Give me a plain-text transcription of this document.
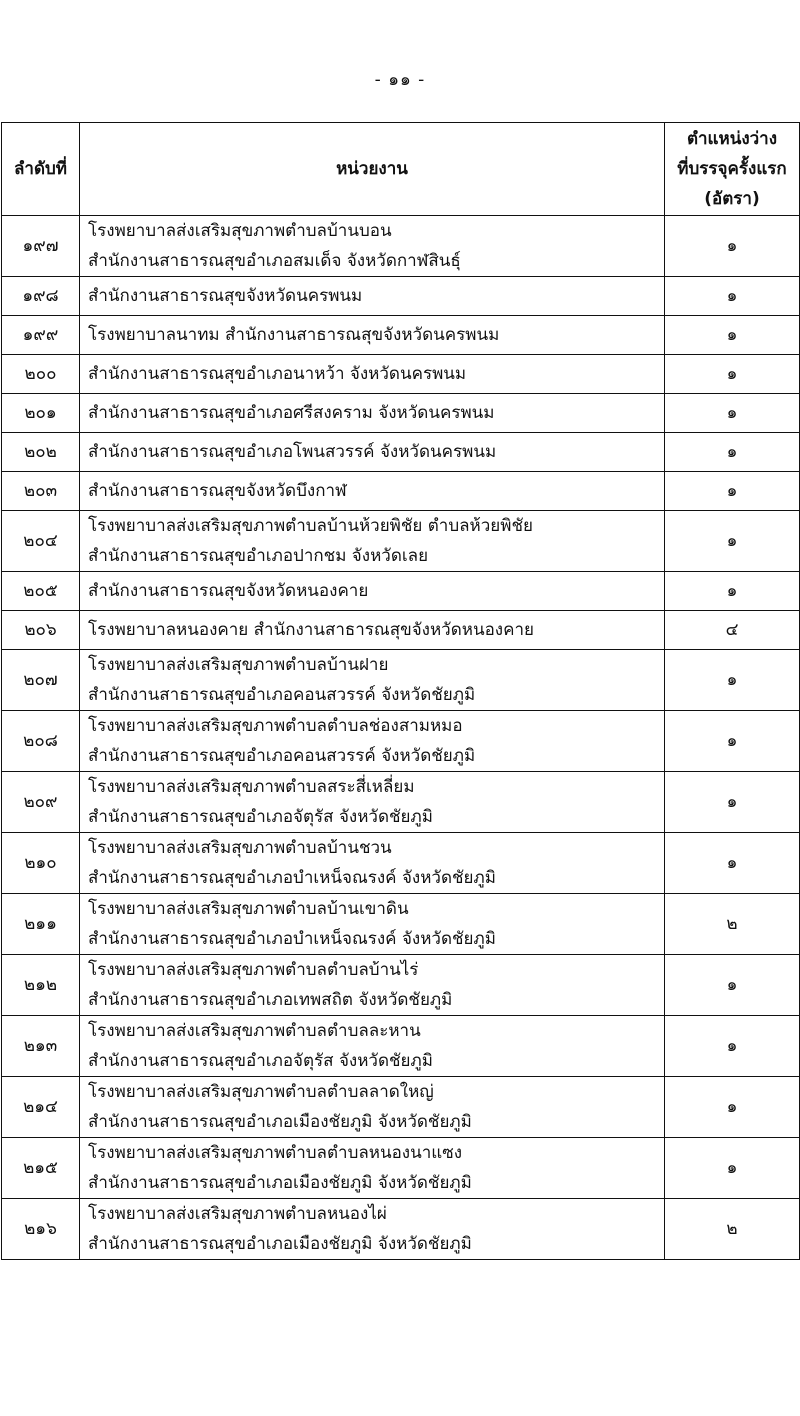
- ๑๑ -
ลำดับที่	หน่วยงาน	ตำแหน่งว่าง
ที่บรรจุครั้งแรก
(อัตรา)

๑๙๗	โรงพยาบาลส่งเสริมสุขภาพตำบลบ้านบอน
สำนักงานสาธารณสุขอำเภอสมเด็จ จังหวัดกาฬสินธุ์	๑
๑๙๘	สำนักงานสาธารณสุขจังหวัดนครพนม	๑
๑๙๙	โรงพยาบาลนาทม สำนักงานสาธารณสุขจังหวัดนครพนม	๑
๒๐๐	สำนักงานสาธารณสุขอำเภอนาหว้า จังหวัดนครพนม	๑
๒๐๑	สำนักงานสาธารณสุขอำเภอศรีสงคราม จังหวัดนครพนม	๑
๒๐๒	สำนักงานสาธารณสุขอำเภอโพนสวรรค์ จังหวัดนครพนม	๑
๒๐๓	สำนักงานสาธารณสุขจังหวัดบึงกาฬ	๑
๒๐๔	โรงพยาบาลส่งเสริมสุขภาพตำบลบ้านห้วยพิชัย ตำบลห้วยพิชัย
สำนักงานสาธารณสุขอำเภอปากชม จังหวัดเลย	๑
๒๐๕	สำนักงานสาธารณสุขจังหวัดหนองคาย	๑
๒๐๖	โรงพยาบาลหนองคาย สำนักงานสาธารณสุขจังหวัดหนองคาย	๔
๒๐๗	โรงพยาบาลส่งเสริมสุขภาพตำบลบ้านฝาย
สำนักงานสาธารณสุขอำเภอคอนสวรรค์ จังหวัดชัยภูมิ	๑
๒๐๘	โรงพยาบาลส่งเสริมสุขภาพตำบลตำบลช่องสามหมอ
สำนักงานสาธารณสุขอำเภอคอนสวรรค์ จังหวัดชัยภูมิ	๑
๒๐๙	โรงพยาบาลส่งเสริมสุขภาพตำบลสระสี่เหลี่ยม
สำนักงานสาธารณสุขอำเภอจัตุรัส จังหวัดชัยภูมิ	๑
๒๑๐	โรงพยาบาลส่งเสริมสุขภาพตำบลบ้านชวน
สำนักงานสาธารณสุขอำเภอบำเหน็จณรงค์ จังหวัดชัยภูมิ	๑
๒๑๑	โรงพยาบาลส่งเสริมสุขภาพตำบลบ้านเขาดิน
สำนักงานสาธารณสุขอำเภอบำเหน็จณรงค์ จังหวัดชัยภูมิ	๒
๒๑๒	โรงพยาบาลส่งเสริมสุขภาพตำบลตำบลบ้านไร่
สำนักงานสาธารณสุขอำเภอเทพสถิต จังหวัดชัยภูมิ	๑
๒๑๓	โรงพยาบาลส่งเสริมสุขภาพตำบลตำบลละหาน
สำนักงานสาธารณสุขอำเภอจัตุรัส จังหวัดชัยภูมิ	๑
๒๑๔	โรงพยาบาลส่งเสริมสุขภาพตำบลตำบลลาดใหญ่
สำนักงานสาธารณสุขอำเภอเมืองชัยภูมิ จังหวัดชัยภูมิ	๑
๒๑๕	โรงพยาบาลส่งเสริมสุขภาพตำบลตำบลหนองนาแซง
สำนักงานสาธารณสุขอำเภอเมืองชัยภูมิ จังหวัดชัยภูมิ	๑
๒๑๖	โรงพยาบาลส่งเสริมสุขภาพตำบลหนองไผ่
สำนักงานสาธารณสุขอำเภอเมืองชัยภูมิ จังหวัดชัยภูมิ	๒
